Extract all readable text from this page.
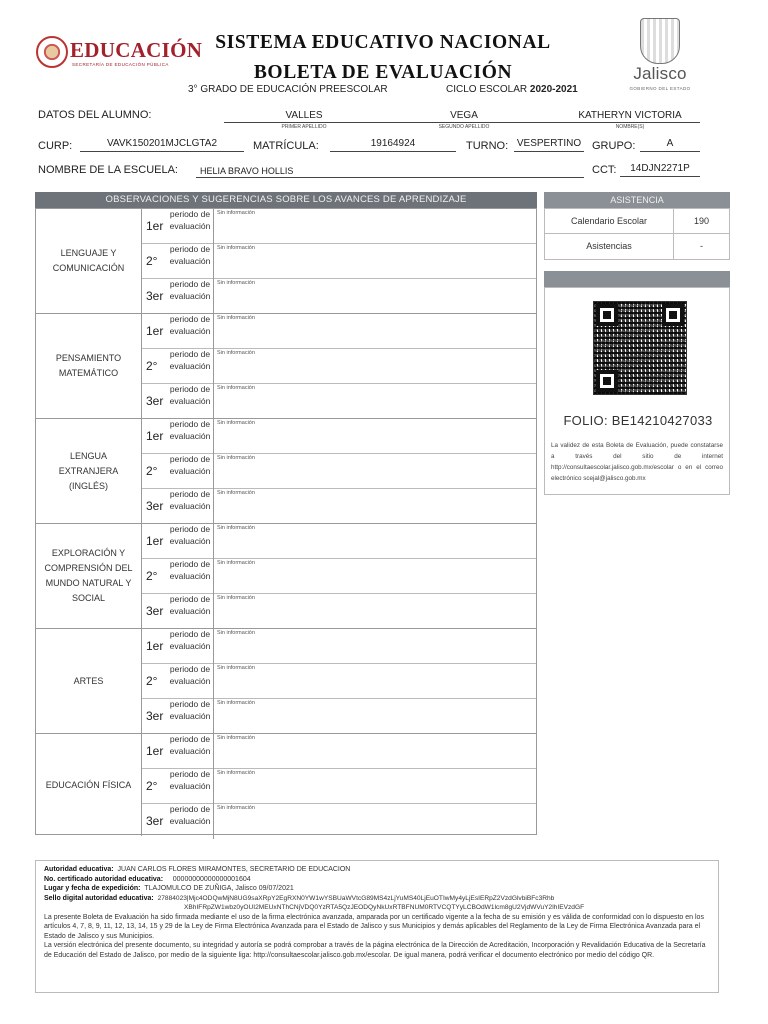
EDUCACIÓN
SECRETARÍA DE EDUCACIÓN PÚBLICA
SISTEMA EDUCATIVO NACIONAL
BOLETA DE EVALUACIÓN
3° GRADO DE EDUCACIÓN PREESCOLAR	CICLO ESCOLAR 2020-2021
Jalisco
GOBIERNO DEL ESTADO
DATOS DEL ALUMNO:	VALLES	VEGA	KATHERYN VICTORIA
PRIMER APELLIDO	SEGUNDO APELLIDO	NOMBRE(S)
CURP:	VAVK150201MJCLGTA2	MATRÍCULA:	19164924	TURNO: VESPERTINO GRUPO:	A
NOMBRE DE LA ESCUELA: HELIA BRAVO HOLLIS	CCT:	14DJN2271P
OBSERVACIONES Y SUGERENCIAS SOBRE LOS AVANCES DE APRENDIZAJE
LENGUAJE Y COMUNICACIÓN
1er
periodo de evaluación
Sin información
2°
periodo de evaluación
Sin información
3er
periodo de evaluación
Sin información
PENSAMIENTO MATEMÁTICO
1er
periodo de evaluación
Sin información
2°
periodo de evaluación
Sin información
3er
periodo de evaluación
Sin información
LENGUA EXTRANJERA (INGLÉS)
1er
periodo de evaluación
Sin información
2°
periodo de evaluación
Sin información
3er
periodo de evaluación
Sin información
EXPLORACIÓN Y COMPRENSIÓN DEL MUNDO NATURAL Y SOCIAL
1er
periodo de evaluación
Sin información
2°
periodo de evaluación
Sin información
3er
periodo de evaluación
Sin información
ARTES
1er
periodo de evaluación
Sin información
2°
periodo de evaluación
Sin información
3er
periodo de evaluación
Sin información
EDUCACIÓN FÍSICA
1er
periodo de evaluación
Sin información
2°
periodo de evaluación
Sin información
3er
periodo de evaluación
Sin información
ASISTENCIA
Calendario Escolar	190
Asistencias	-
FOLIO: BE14210427033
La validez de esta Boleta de Evaluación, puede constatarse a través del sitio de internet http://consultaescolar.jalisco.gob.mx/escolar o en el correo electrónico scejal@jalisco.gob.mx
Autoridad educativa: JUAN CARLOS FLORES MIRAMONTES, SECRETARIO DE EDUCACION
No. certificado autoridad educativa: 00000000000000001604
Lugar y fecha de expedición: TLAJOMULCO DE ZUÑIGA, Jalisco 09/07/2021
Sello digital autoridad educativa: 27884023|Mjc4ODQwMjN8UG9saXRpY2EgRXN0YW1wYSBUaWVtcG89MS4zLjYuMS40LjEuOTIwMy4yLjEsIERpZ2VzdGlvbiBFc3Rhb
XBhIFRpZW1wbz0yOUI2MEUxNThCNjVDQ0YzRTA5QzJEODQyNkUxRTBFNUM0RTVCQTYyLCBOdW1lcm8gU2VjdWVuY2lhIEVzdGF
La presente Boleta de Evaluación ha sido firmada mediante el uso de la firma electrónica avanzada, amparada por un certificado vigente a la fecha de su emisión y es válida de conformidad con lo dispuesto en los artículos 4, 7, 8, 9, 11, 12, 13, 14, 15 y 29 de la Ley de Firma Electrónica Avanzada para el Estado de Jalisco y sus Municipios y demás aplicables del Reglamento de la Ley de Firma Electrónica Avanzada para el Estado de Jalisco y sus Municipios.
La versión electrónica del presente documento, su integridad y autoría se podrá comprobar a través de la página electrónica de la Dirección de Acreditación, Incorporación y Revalidación Educativa de la Secretaría de Educación del Estado de Jalisco, por medio de la siguiente liga: http://consultaescolar.jalisco.gob.mx/escolar. De igual manera, podrá verificar el documento electrónico por medio del código QR.
